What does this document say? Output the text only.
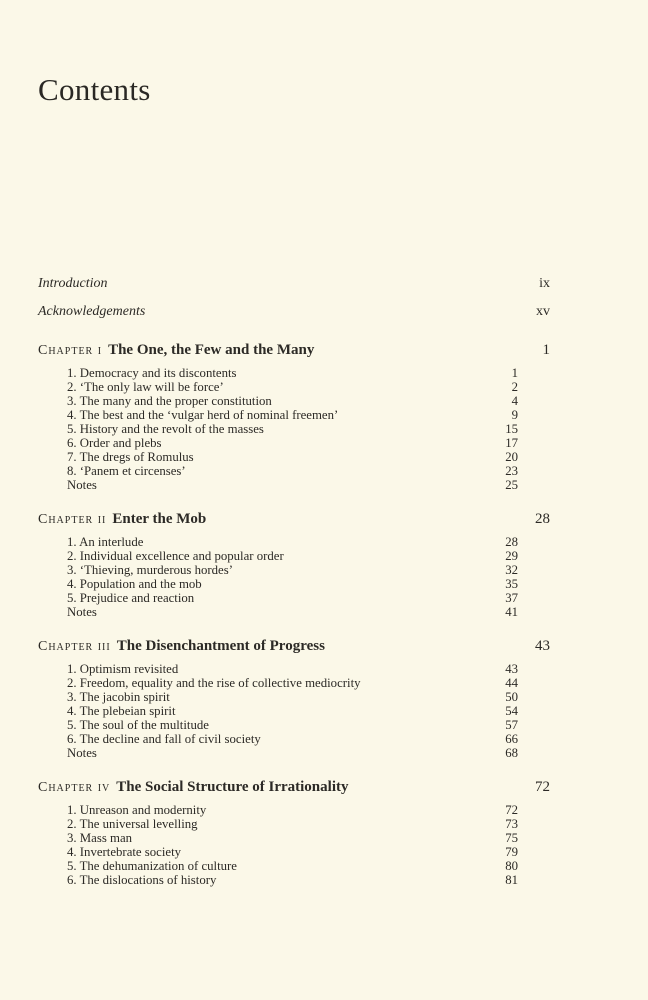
Contents
Introduction	ix
Acknowledgements	xv
Chapter i The One, the Few and the Many	1
1. Democracy and its discontents	1
2. ‘The only law will be force’	2
3. The many and the proper constitution	4
4. The best and the ‘vulgar herd of nominal freemen’	9
5. History and the revolt of the masses	15
6. Order and plebs	17
7. The dregs of Romulus	20
8. ‘Panem et circenses’	23
Notes	25
Chapter ii Enter the Mob	28
1. An interlude	28
2. Individual excellence and popular order	29
3. ‘Thieving, murderous hordes’	32
4. Population and the mob	35
5. Prejudice and reaction	37
Notes	41
Chapter iii The Disenchantment of Progress	43
1. Optimism revisited	43
2. Freedom, equality and the rise of collective mediocrity	44
3. The jacobin spirit	50
4. The plebeian spirit	54
5. The soul of the multitude	57
6. The decline and fall of civil society	66
Notes	68
Chapter iv The Social Structure of Irrationality	72
1. Unreason and modernity	72
2. The universal levelling	73
3. Mass man	75
4. Invertebrate society	79
5. The dehumanization of culture	80
6. The dislocations of history	81
